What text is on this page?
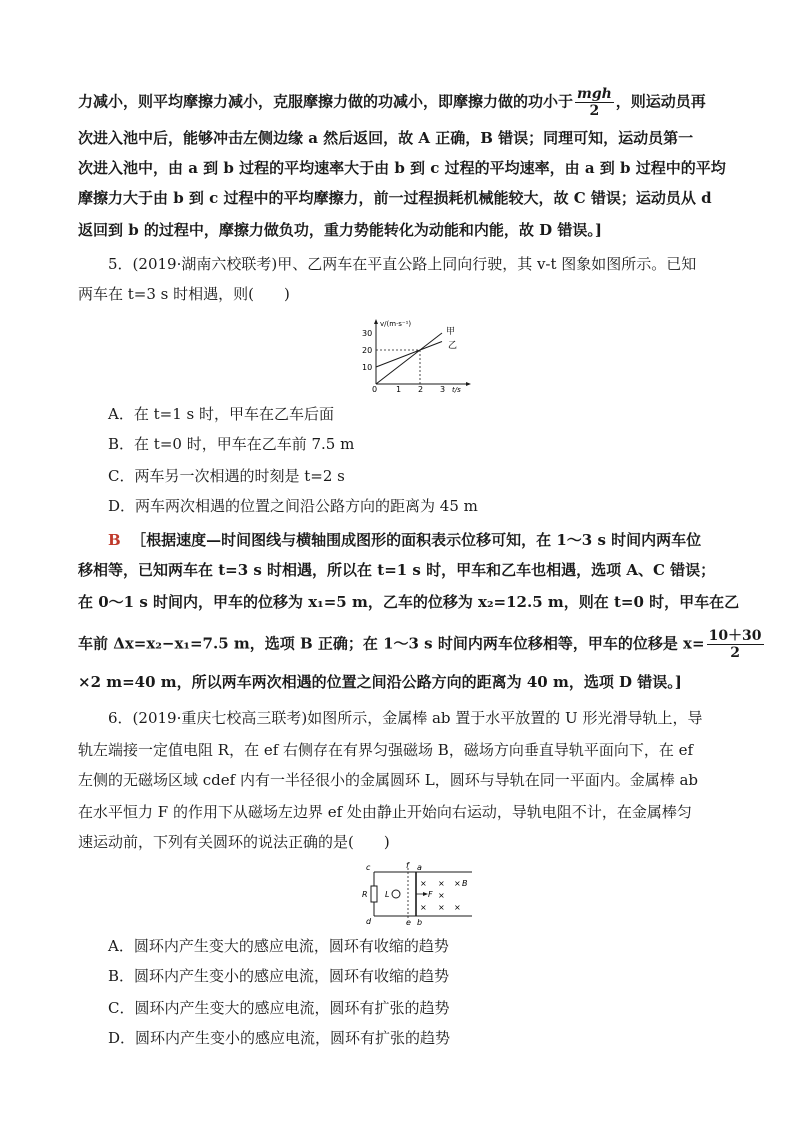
力减小，则平均摩擦力减小，克服摩擦力做的功减小，即摩擦力做的功小于 $\frac{\text{mgh}}{2}$ ，则运动员再
次进入池中后，能够冲击左侧边缘 a 然后返回，故 A 正确，B 错误；同理可知，运动员第一
次进入池中，由 a 到 b 过程的平均速率大于由 b 到 c 过程的平均速率，由 a 到 b 过程中的平均
摩擦力大于由 b 到 c 过程中的平均摩擦力，前一过程损耗机械能较大，故 C 错误；运动员从 d
返回到 b 的过程中，摩擦力做负功，重力势能转化为动能和内能，故 D 错误。]
5．(2019·湖南六校联考)甲、乙两车在平直公路上同向行驶，其 v-t 图象如图所示。已知
两车在 t=3 s 时相遇，则(　　)
v/(m·s⁻¹)
30
20
10
0 1 2 3 t/s
甲
乙
A．在 t=1 s 时，甲车在乙车后面
B．在 t=0 时，甲车在乙车前 7.5 m
C．两车另一次相遇的时刻是 t=2 s
D．两车两次相遇的位置之间沿公路方向的距离为 45 m
B ［根据速度—时间图线与横轴围成图形的面积表示位移可知，在 1～3 s 时间内两车位
移相等，已知两车在 t=3 s 时相遇，所以在 t=1 s 时，甲车和乙车也相遇，选项 A、C 错误；
在 0～1 s 时间内，甲车的位移为 x₁=5 m，乙车的位移为 x₂=12.5 m，则在 t=0 时，甲车在乙
车前 Δx=x₂−x₁=7.5 m，选项 B 正确；在 1～3 s 时间内两车位移相等，甲车的位移是 $x= \frac{10+30}{2}$
×2 m=40 m，所以两车两次相遇的位置之间沿公路方向的距离为 40 m，选项 D 错误。]
6．(2019·重庆七校高三联考)如图所示，金属棒 ab 置于水平放置的 U 形光滑导轨上，导
轨左端接一定值电阻 R，在 ef 右侧存在有界匀强磁场 B，磁场方向垂直导轨平面向下，在 ef
左侧的无磁场区域 cdef 内有一半径很小的金属圆环 L，圆环与导轨在同一平面内。金属棒 ab
在水平恒力 F 的作用下从磁场左边界 ef 处由静止开始向右运动，导轨电阻不计，在金属棒匀
速运动前，下列有关圆环的说法正确的是(　　)
c
d
R L
f
e
a
b
F
B
× × ×
×
× × ×
A．圆环内产生变大的感应电流，圆环有收缩的趋势
B．圆环内产生变小的感应电流，圆环有收缩的趋势
C．圆环内产生变大的感应电流，圆环有扩张的趋势
D．圆环内产生变小的感应电流，圆环有扩张的趋势
